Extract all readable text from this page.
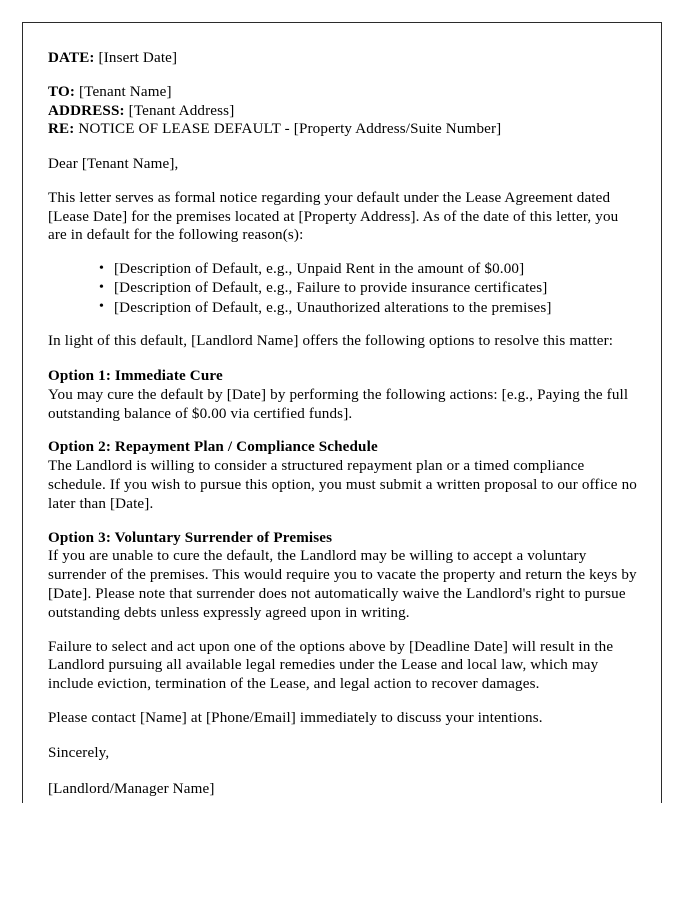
DATE: [Insert Date]

TO: [Tenant Name]

ADDRESS: [Tenant Address]

RE: NOTICE OF LEASE DEFAULT - [Property Address/Suite Number]

Dear [Tenant Name],

This letter serves as formal notice regarding your default under the Lease Agreement dated [Lease Date] for the premises located at [Property Address]. As of the date of this letter, you are in default for the following reason(s):

• [Description of Default, e.g., Unpaid Rent in the amount of $0.00]
• [Description of Default, e.g., Failure to provide insurance certificates]
• [Description of Default, e.g., Unauthorized alterations to the premises]

In light of this default, [Landlord Name] offers the following options to resolve this matter:

Option 1: Immediate Cure

You may cure the default by [Date] by performing the following actions: [e.g., Paying the full outstanding balance of $0.00 via certified funds].

Option 2: Repayment Plan / Compliance Schedule

The Landlord is willing to consider a structured repayment plan or a timed compliance schedule. If you wish to pursue this option, you must submit a written proposal to our office no later than [Date].

Option 3: Voluntary Surrender of Premises

If you are unable to cure the default, the Landlord may be willing to accept a voluntary surrender of the premises. This would require you to vacate the property and return the keys by [Date]. Please note that surrender does not automatically waive the Landlord's right to pursue outstanding debts unless expressly agreed upon in writing.

Failure to select and act upon one of the options above by [Deadline Date] will result in the Landlord pursuing all available legal remedies under the Lease and local law, which may include eviction, termination of the Lease, and legal action to recover damages.

Please contact [Name] at [Phone/Email] immediately to discuss your intentions.

Sincerely,

[Landlord/Manager Name]
